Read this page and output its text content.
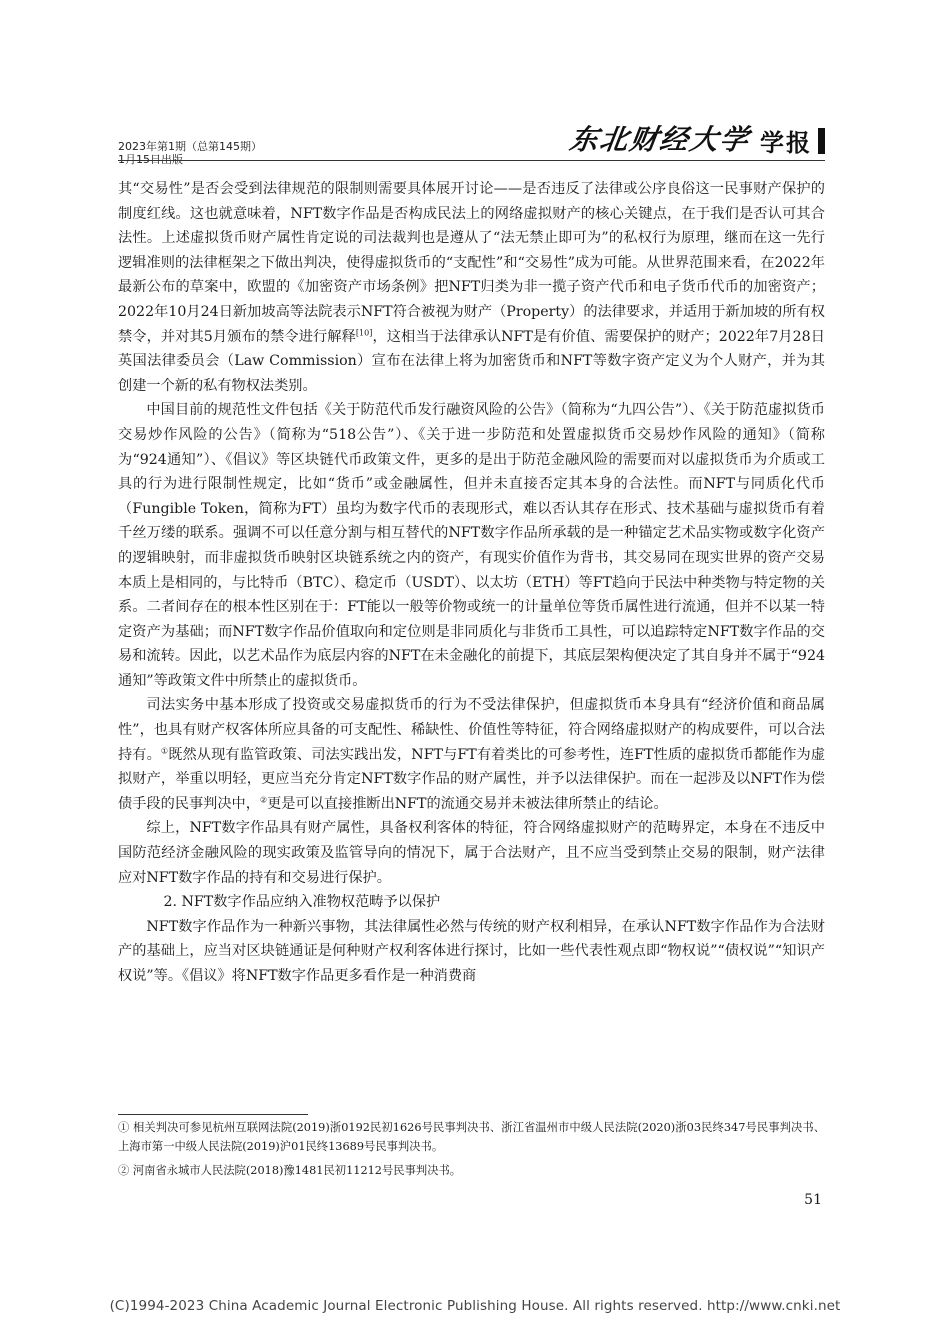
2023年第1期（总第145期）
1月15日出版
东北财经大学 学报

其“交易性”是否会受到法律规范的限制则需要具体展开讨论——是否违反了法律或公序良俗这一民事财产保护的制度红线。这也就意味着，NFT数字作品是否构成民法上的网络虚拟财产的核心关键点，在于我们是否认可其合法性。上述虚拟货币财产属性肯定说的司法裁判也是遵从了“法无禁止即可为”的私权行为原理，继而在这一先行逻辑准则的法律框架之下做出判决，使得虚拟货币的“支配性”和“交易性”成为可能。从世界范围来看，在2022年最新公布的草案中，欧盟的《加密资产市场条例》把NFT归类为非一揽子资产代币和电子货币代币的加密资产；2022年10月24日新加坡高等法院表示NFT符合被视为财产（Property）的法律要求，并适用于新加坡的所有权禁令，并对其5月颁布的禁令进行解释[10]，这相当于法律承认NFT是有价值、需要保护的财产；2022年7月28日英国法律委员会（Law Commission）宣布在法律上将为加密货币和NFT等数字资产定义为个人财产，并为其创建一个新的私有物权法类别。

中国目前的规范性文件包括《关于防范代币发行融资风险的公告》（简称为“九四公告”）、《关于防范虚拟货币交易炒作风险的公告》（简称为“518公告”）、《关于进一步防范和处置虚拟货币交易炒作风险的通知》（简称为“924通知”）、《倡议》等区块链代币政策文件，更多的是出于防范金融风险的需要而对以虚拟货币为介质或工具的行为进行限制性规定，比如“货币”或金融属性，但并未直接否定其本身的合法性。而NFT与同质化代币（Fungible Token，简称为FT）虽均为数字代币的表现形式，难以否认其存在形式、技术基础与虚拟货币有着千丝万缕的联系。强调不可以任意分割与相互替代的NFT数字作品所承载的是一种锚定艺术品实物或数字化资产的逻辑映射，而非虚拟货币映射区块链系统之内的资产，有现实价值作为背书，其交易同在现实世界的资产交易本质上是相同的，与比特币（BTC）、稳定币（USDT）、以太坊（ETH）等FT趋向于民法中种类物与特定物的关系。二者间存在的根本性区别在于：FT能以一般等价物或统一的计量单位等货币属性进行流通，但并不以某一特定资产为基础；而NFT数字作品价值取向和定位则是非同质化与非货币工具性，可以追踪特定NFT数字作品的交易和流转。因此，以艺术品作为底层内容的NFT在未金融化的前提下，其底层架构便决定了其自身并不属于“924通知”等政策文件中所禁止的虚拟货币。

司法实务中基本形成了投资或交易虚拟货币的行为不受法律保护，但虚拟货币本身具有“经济价值和商品属性”，也具有财产权客体所应具备的可支配性、稀缺性、价值性等特征，符合网络虚拟财产的构成要件，可以合法持有。①既然从现有监管政策、司法实践出发，NFT与FT有着类比的可参考性，连FT性质的虚拟货币都能作为虚拟财产，举重以明轻，更应当充分肯定NFT数字作品的财产属性，并予以法律保护。而在一起涉及以NFT作为偿债手段的民事判决中，②更是可以直接推断出NFT的流通交易并未被法律所禁止的结论。

综上，NFT数字作品具有财产属性，具备权利客体的特征，符合网络虚拟财产的范畴界定，本身在不违反中国防范经济金融风险的现实政策及监管导向的情况下，属于合法财产，且不应当受到禁止交易的限制，财产法律应对NFT数字作品的持有和交易进行保护。

2. NFT数字作品应纳入准物权范畴予以保护

NFT数字作品作为一种新兴事物，其法律属性必然与传统的财产权利相异，在承认NFT数字作品作为合法财产的基础上，应当对区块链通证是何种财产权利客体进行探讨，比如一些代表性观点即“物权说”“债权说”“知识产权说”等。《倡议》将NFT数字作品更多看作是一种消费商

① 相关判决可参见杭州互联网法院(2019)浙0192民初1626号民事判决书、浙江省温州市中级人民法院(2020)浙03民终347号民事判决书、上海市第一中级人民法院(2019)沪01民终13689号民事判决书。

② 河南省永城市人民法院(2018)豫1481民初11212号民事判决书。

51
(C)1994-2023 China Academic Journal Electronic Publishing House. All rights reserved. http://www.cnki.net
